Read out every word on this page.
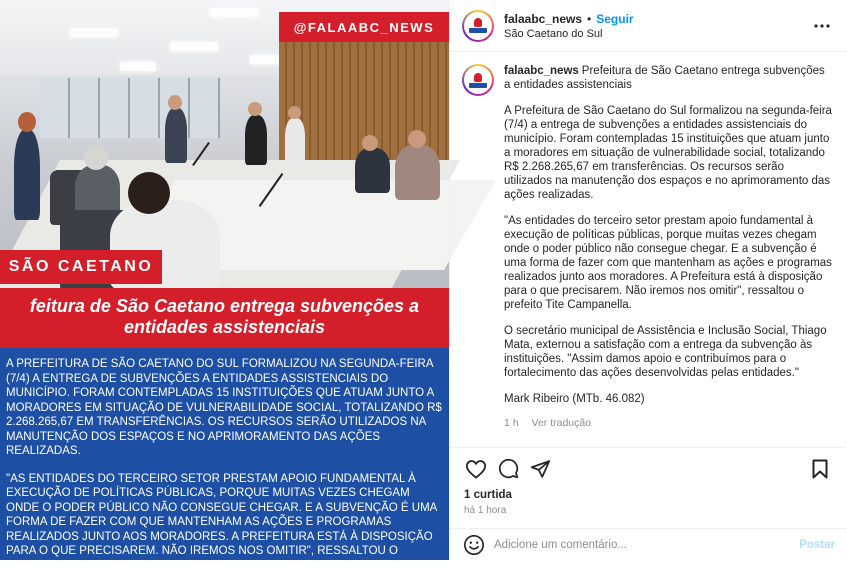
@FALAABC_NEWS
SÃO CAETANO
feitura de São Caetano entrega subvenções a entidades assistenciais

A PREFEITURA DE SÃO CAETANO DO SUL FORMALIZOU NA SEGUNDA-FEIRA (7/4) A ENTREGA DE SUBVENÇÕES A ENTIDADES ASSISTENCIAIS DO MUNICÍPIO. FORAM CONTEMPLADAS 15 INSTITUIÇÕES QUE ATUAM JUNTO A MORADORES EM SITUAÇÃO DE VULNERABILIDADE SOCIAL, TOTALIZANDO R$ 2.268.265,67 EM TRANSFERÊNCIAS. OS RECURSOS SERÃO UTILIZADOS NA MANUTENÇÃO DOS ESPAÇOS E NO APRIMORAMENTO DAS AÇÕES REALIZADAS.

"AS ENTIDADES DO TERCEIRO SETOR PRESTAM APOIO FUNDAMENTAL À EXECUÇÃO DE POLÍTICAS PÚBLICAS, PORQUE MUITAS VEZES CHEGAM ONDE O PODER PÚBLICO NÃO CONSEGUE CHEGAR. E A SUBVENÇÃO É UMA FORMA DE FAZER COM QUE MANTENHAM AS AÇÕES E PROGRAMAS REALIZADOS JUNTO AOS MORADORES. A PREFEITURA ESTÁ À DISPOSIÇÃO PARA O QUE PRECISAREM. NÃO IREMOS NOS OMITIR", RESSALTOU O PREFEITO TITE CAMPANELLA.

falaabc_news • Seguir
São Caetano do Sul

falaabc_news Prefeitura de São Caetano entrega subvenções a entidades assistenciais

A Prefeitura de São Caetano do Sul formalizou na segunda-feira (7/4) a entrega de subvenções a entidades assistenciais do município. Foram contempladas 15 instituições que atuam junto a moradores em situação de vulnerabilidade social, totalizando R$ 2.268.265,67 em transferências. Os recursos serão utilizados na manutenção dos espaços e no aprimoramento das ações realizadas.

"As entidades do terceiro setor prestam apoio fundamental à execução de políticas públicas, porque muitas vezes chegam onde o poder público não consegue chegar. E a subvenção é uma forma de fazer com que mantenham as ações e programas realizados junto aos moradores. A Prefeitura está à disposição para o que precisarem. Não iremos nos omitir", ressaltou o prefeito Tite Campanella.

O secretário municipal de Assistência e Inclusão Social, Thiago Mata, externou a satisfação com a entrega da subvenção às instituições. "Assim damos apoio e contribuímos para o fortalecimento das ações desenvolvidas pelas entidades."

Mark Ribeiro (MTb. 46.082)

1 h Ver tradução
1 curtida
há 1 hora
Adicione um comentário...
Postar
